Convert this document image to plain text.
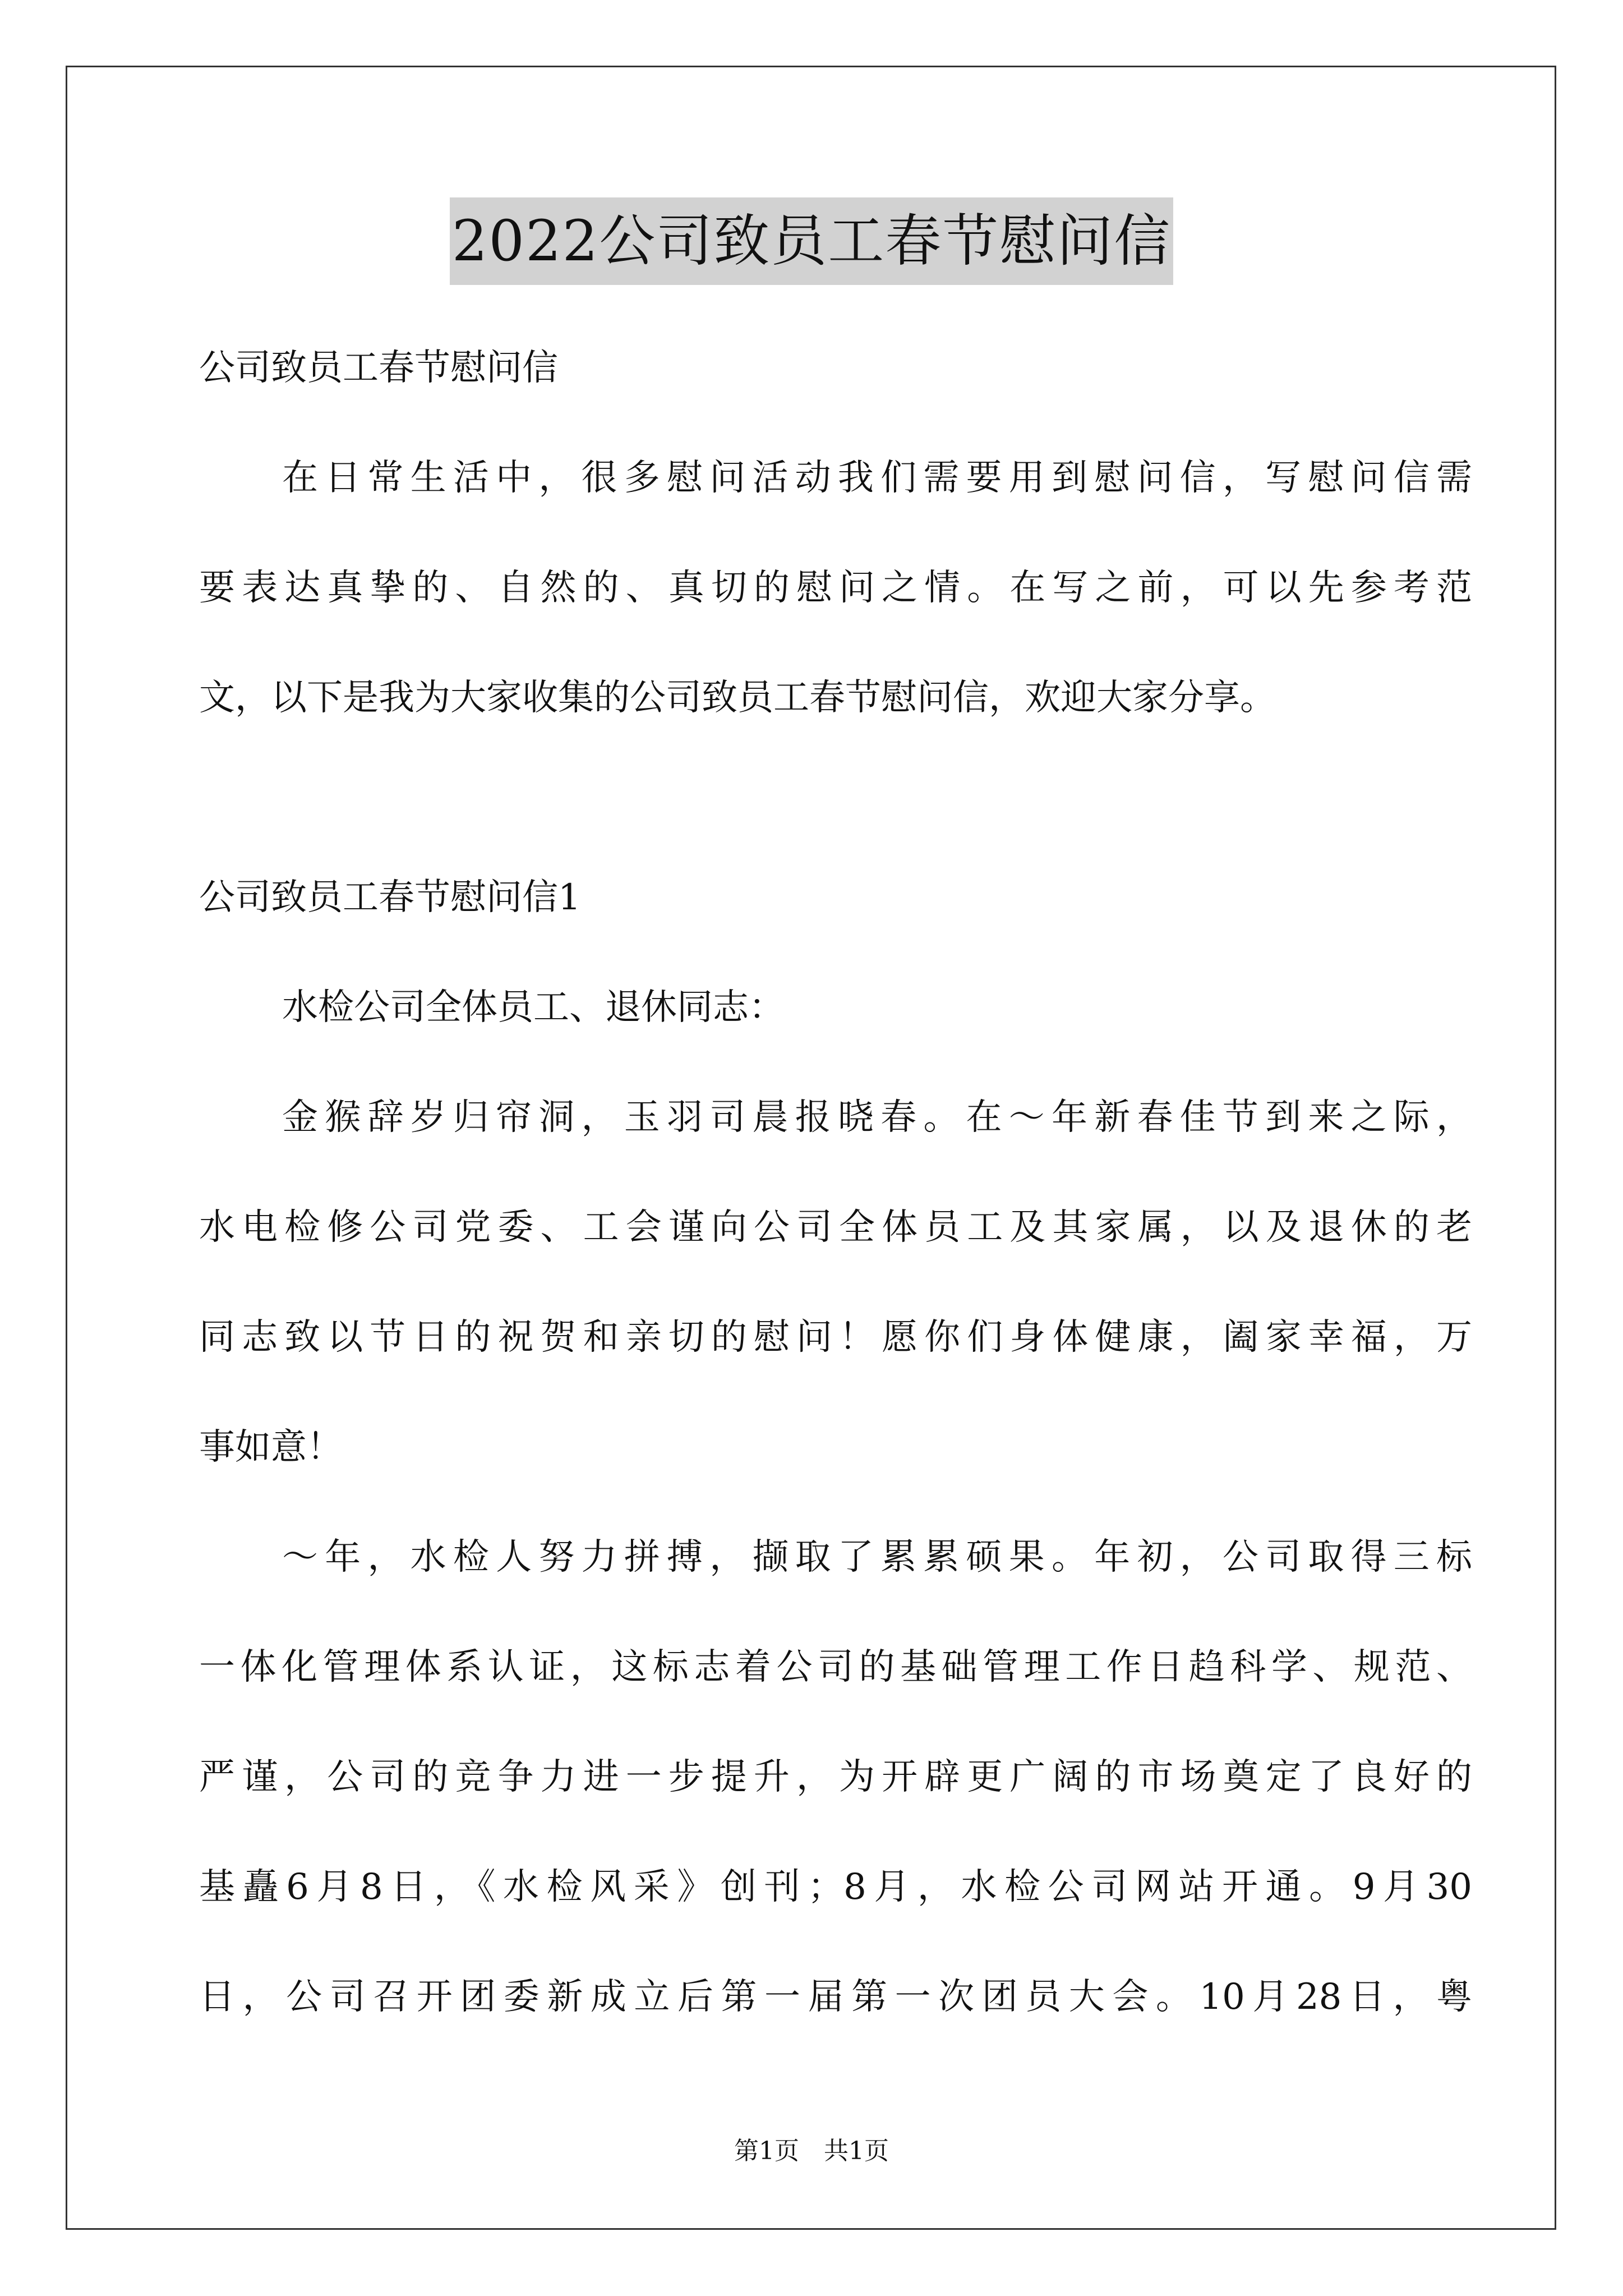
2022公司致员工春节慰问信
公司致员工春节慰问信
在日常生活中，很多慰问活动我们需要用到慰问信，写慰问信需
要表达真挚的、自然的、真切的慰问之情。在写之前，可以先参考范
文，以下是我为大家收集的公司致员工春节慰问信，欢迎大家分享。
公司致员工春节慰问信1
水检公司全体员工、退休同志：
金猴辞岁归帘洞，玉羽司晨报晓春。在～年新春佳节到来之际，
水电检修公司党委、工会谨向公司全体员工及其家属，以及退休的老
同志致以节日的祝贺和亲切的慰问！愿你们身体健康，阖家幸福，万
事如意！
～年，水检人努力拼搏，撷取了累累硕果。年初，公司取得三标
一体化管理体系认证，这标志着公司的基础管理工作日趋科学、规范、
严谨，公司的竞争力进一步提升，为开辟更广阔的市场奠定了良好的
基矗6月8日，《水检风采》创刊；8月，水检公司网站开通。9月30
日，公司召开团委新成立后第一届第一次团员大会。10月28日，粤
第1页　共1页
